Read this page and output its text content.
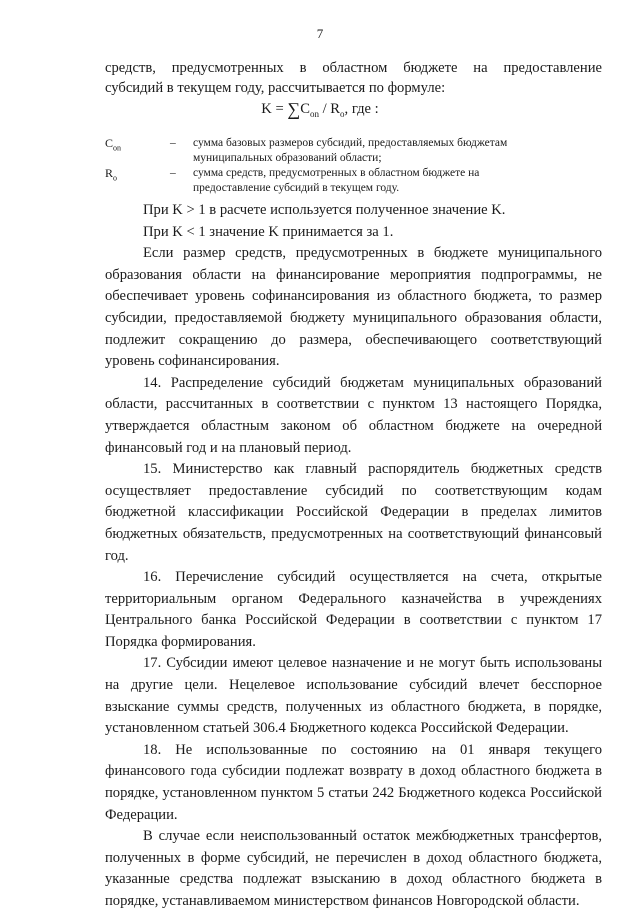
7
средств, предусмотренных в областном бюджете на предоставление
субсидий в текущем году, рассчитывается по формуле:
$K = \sum C_{on} / R_o$, где :
$C_{on}$	– сумма базовых размеров субсидий, предоставляемых бюджетам
муниципальных образований области;
$R_o$	– сумма средств, предусмотренных в областном бюджете на
предоставление субсидий в текущем году.

При K > 1 в расчете используется полученное значение K.

При K < 1 значение K принимается за 1.

Если размер средств, предусмотренных в бюджете муниципального образования области на финансирование мероприятия подпрограммы, не обеспечивает уровень софинансирования из областного бюджета, то размер субсидии, предоставляемой бюджету муниципального образования области, подлежит сокращению до размера, обеспечивающего соответствующий уровень софинансирования.

14. Распределение субсидий бюджетам муниципальных образований области, рассчитанных в соответствии с пунктом 13 настоящего Порядка, утверждается областным законом об областном бюджете на очередной финансовый год и на плановый период.

15. Министерство как главный распорядитель бюджетных средств осуществляет предоставление субсидий по соответствующим кодам бюджетной классификации Российской Федерации в пределах лимитов бюджетных обязательств, предусмотренных на соответствующий финансовый год.

16. Перечисление субсидий осуществляется на счета, открытые территориальным органом Федерального казначейства в учреждениях Центрального банка Российской Федерации в соответствии с пунктом 17 Порядка формирования.

17. Субсидии имеют целевое назначение и не могут быть использованы на другие цели. Нецелевое использование субсидий влечет бесспорное взыскание суммы средств, полученных из областного бюджета, в порядке, установленном статьей 306.4 Бюджетного кодекса Российской Федерации.

18. Не использованные по состоянию на 01 января текущего финансового года субсидии подлежат возврату в доход областного бюджета в порядке, установленном пунктом 5 статьи 242 Бюджетного кодекса Российской Федерации.

В случае если неиспользованный остаток межбюджетных трансфертов, полученных в форме субсидий, не перечислен в доход областного бюджета, указанные средства подлежат взысканию в доход областного бюджета в порядке, устанавливаемом министерством финансов Новгородской области.
